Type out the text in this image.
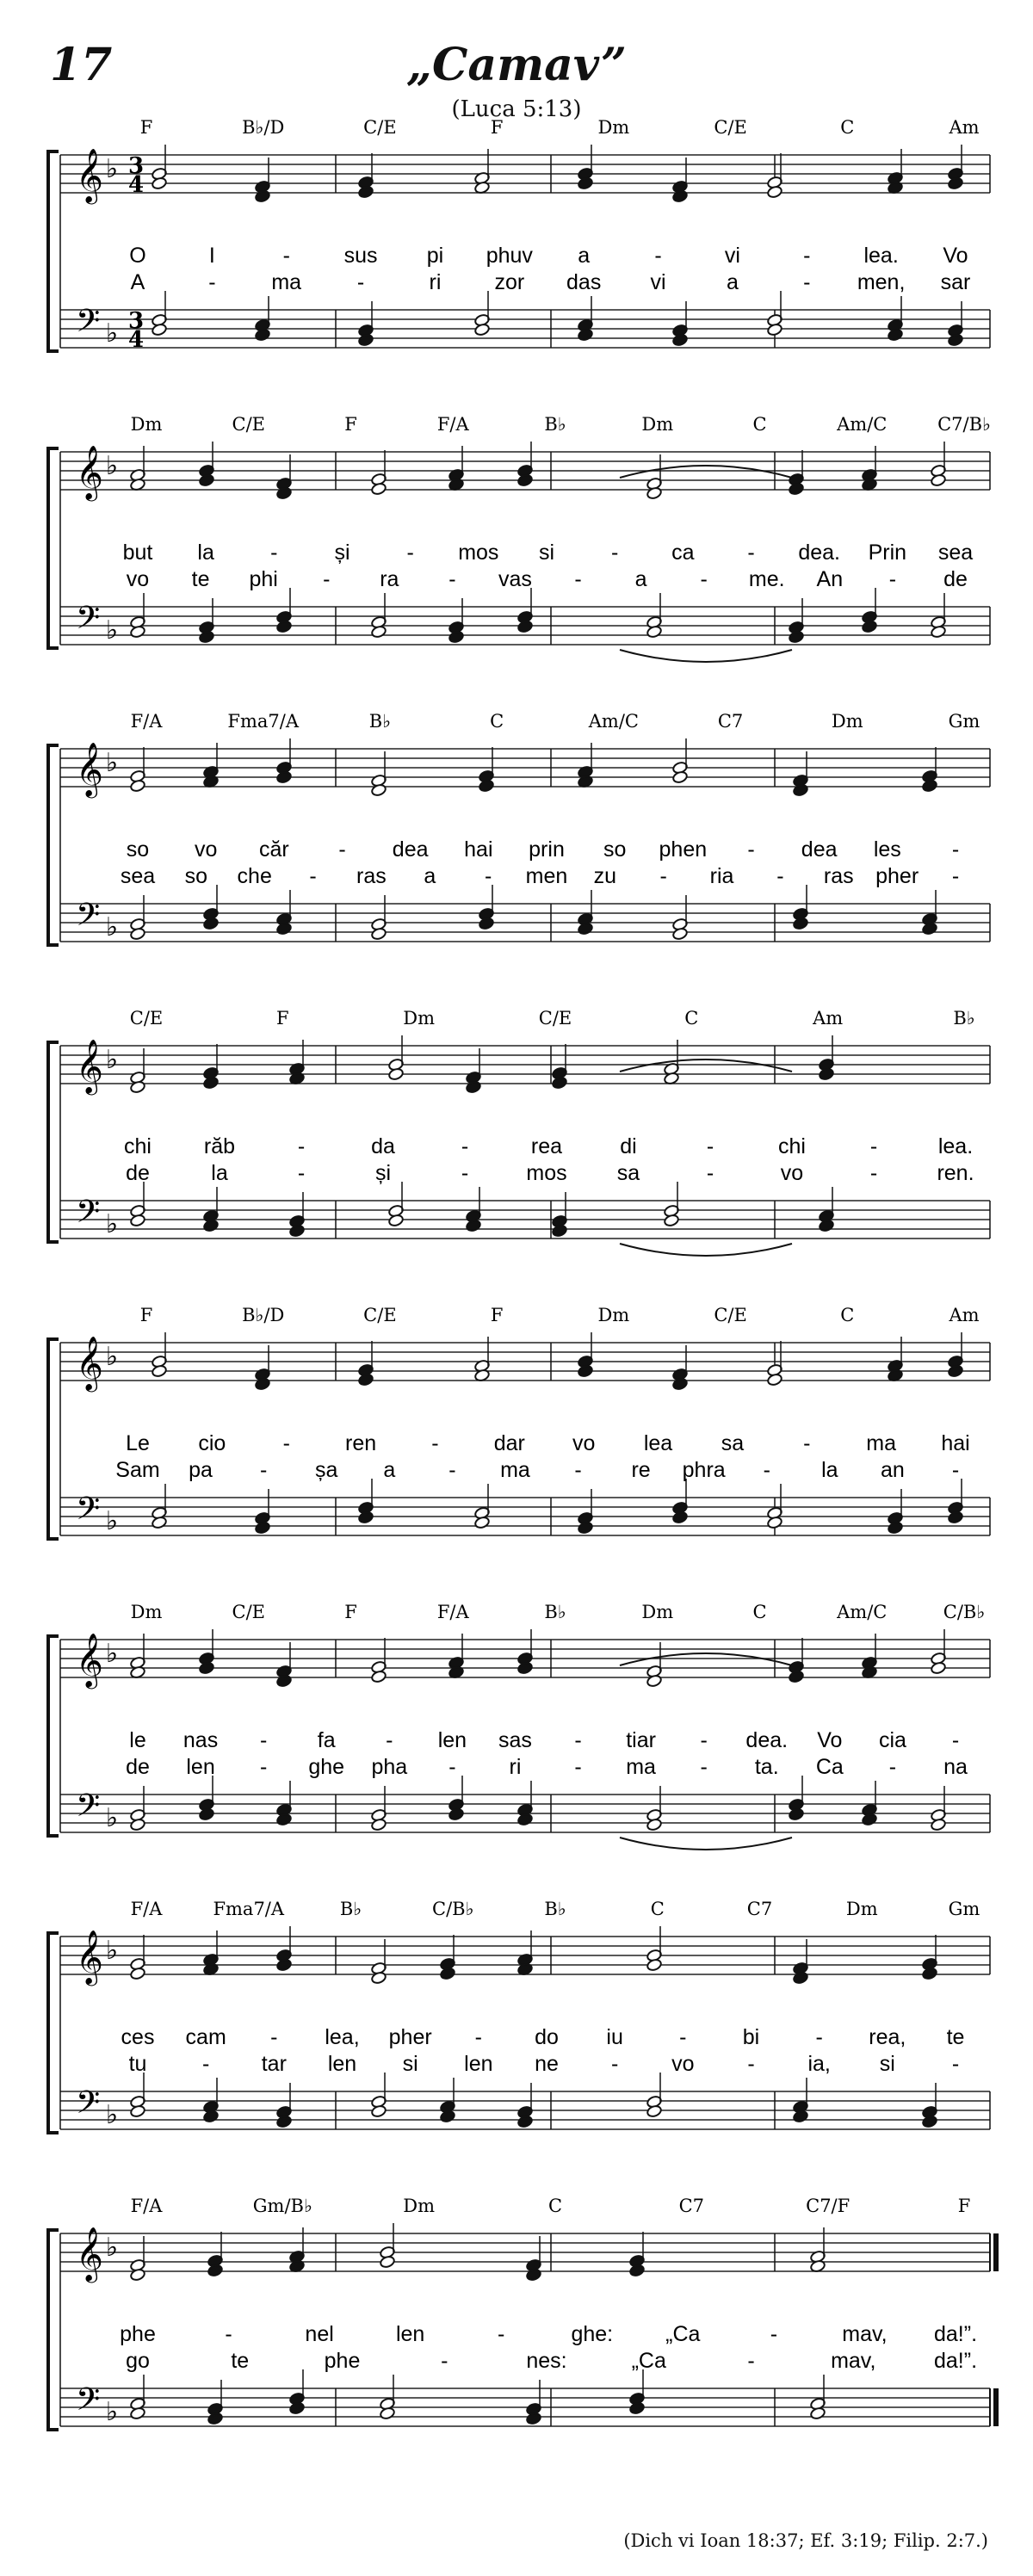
17	„Camav”
(Luca 5:13)
𝄞
𝄢
♭
♭
3
4
3
4
F	B♭/D	C/E	F	Dm	C/E	C	Am
O	I	-	sus pi phuv a	-	vi	- lea. Vo
A	-	ma	-	ri zor das vi	a	- men, sar
𝄞
𝄢
♭
♭
Dm	C/E	F	F/A	B♭	Dm	C	Am/C	C7/B♭
but la	-	și	- mos si	- ca - dea. Prin sea
vo te phi - ra - vas - a - me. An - de
𝄞
𝄢
♭
♭
F/A	Fma7/A	B♭	C	Am/C	C7	Dm	Gm
so vo căr - dea hai prin so phen - dea les -
sea so che - ras a - men zu - ria - ras pher -
𝄞
𝄢
♭
♭
C/E	F	Dm	C/E	C	Am	B♭
chi răb	-	da	-	rea	di	-	chi	-	lea.
de	la	-	și	-	mos sa	-	vo	-	ren.
𝄞
𝄢
♭
♭
F	B♭/D	C/E	F	Dm	C/E	C	Am
Le cio	-	ren	-	dar vo lea sa	-	ma hai
Sam pa - șa a - ma - re phra - la an -
𝄞
𝄢
♭
♭
Dm	C/E	F	F/A	B♭	Dm	C	Am/C	C/B♭
le nas - fa - len sas - tiar - dea. Vo cia -
de len - ghe pha - ri - ma - ta. Ca - na
𝄞
𝄢
♭
♭
F/A	Fma7/A	B♭	C/B♭	B♭	C	C7	Dm	Gm
ces cam - lea, pher - do iu	-	bi	- rea, te
tu	- tar len si len ne - vo - ia, si	-
𝄞
𝄢
♭
♭
F/A	Gm/B♭	Dm	C	C7	C7/F	F
phe	-	nel	len	-	ghe: „Ca	-	mav, da!”.
go	te	phe	-	nes:	„Ca	-	mav,	da!”.
(Dich vi Ioan 18:37; Ef. 3:19; Filip. 2:7.)
